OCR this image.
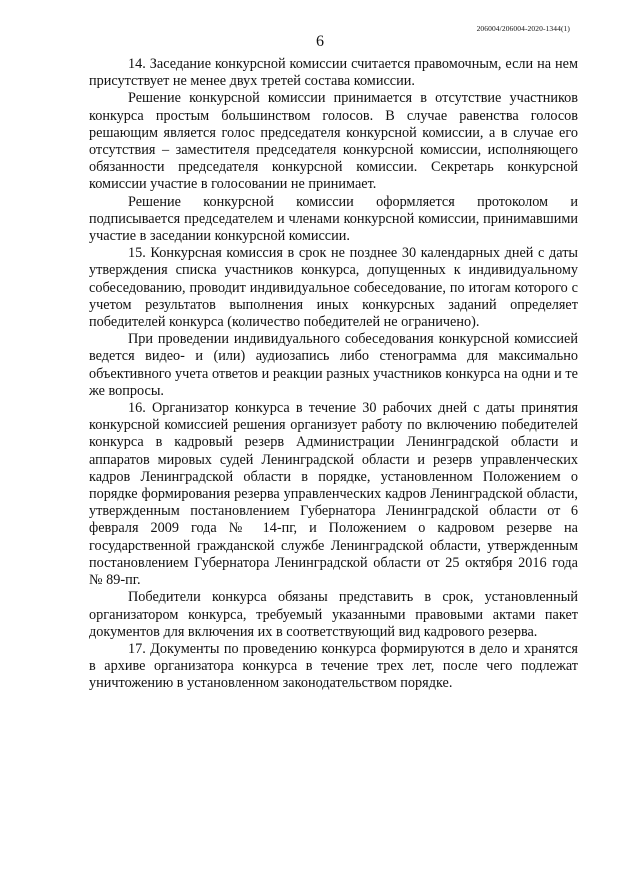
206004/206004-2020-1344(1)
6

14. Заседание конкурсной комиссии считается правомочным, если на нем присутствует не менее двух третей состава комиссии.

Решение конкурсной комиссии принимается в отсутствие участников конкурса простым большинством голосов. В случае равенства голосов решающим является голос председателя конкурсной комиссии, а в случае его отсутствия – заместителя председателя конкурсной комиссии, исполняющего обязанности председателя конкурсной комиссии. Секретарь конкурсной комиссии участие в голосовании не принимает.

Решение конкурсной комиссии оформляется протоколом и подписывается председателем и членами конкурсной комиссии, принимавшими участие в заседании конкурсной комиссии.

15. Конкурсная комиссия в срок не позднее 30 календарных дней с даты утверждения списка участников конкурса, допущенных к индивидуальному собеседованию, проводит индивидуальное собеседование, по итогам которого с учетом результатов выполнения иных конкурсных заданий определяет победителей конкурса (количество победителей не ограничено).

При проведении индивидуального собеседования конкурсной комиссией ведется видео- и (или) аудиозапись либо стенограмма для максимально объективного учета ответов и реакции разных участников конкурса на одни и те же вопросы.

16. Организатор конкурса в течение 30 рабочих дней с даты принятия конкурсной комиссией решения организует работу по включению победителей конкурса в кадровый резерв Администрации Ленинградской области и аппаратов мировых судей Ленинградской области и резерв управленческих кадров Ленинградской области в порядке, установленном Положением о порядке формирования резерва управленческих кадров Ленинградской области, утвержденным постановлением Губернатора Ленинградской области от 6 февраля 2009 года № 14-пг, и Положением о кадровом резерве на государственной гражданской службе Ленинградской области, утвержденным постановлением Губернатора Ленинградской области от 25 октября 2016 года № 89-пг.

Победители конкурса обязаны представить в срок, установленный организатором конкурса, требуемый указанными правовыми актами пакет документов для включения их в соответствующий вид кадрового резерва.

17. Документы по проведению конкурса формируются в дело и хранятся в архиве организатора конкурса в течение трех лет, после чего подлежат уничтожению в установленном законодательством порядке.
